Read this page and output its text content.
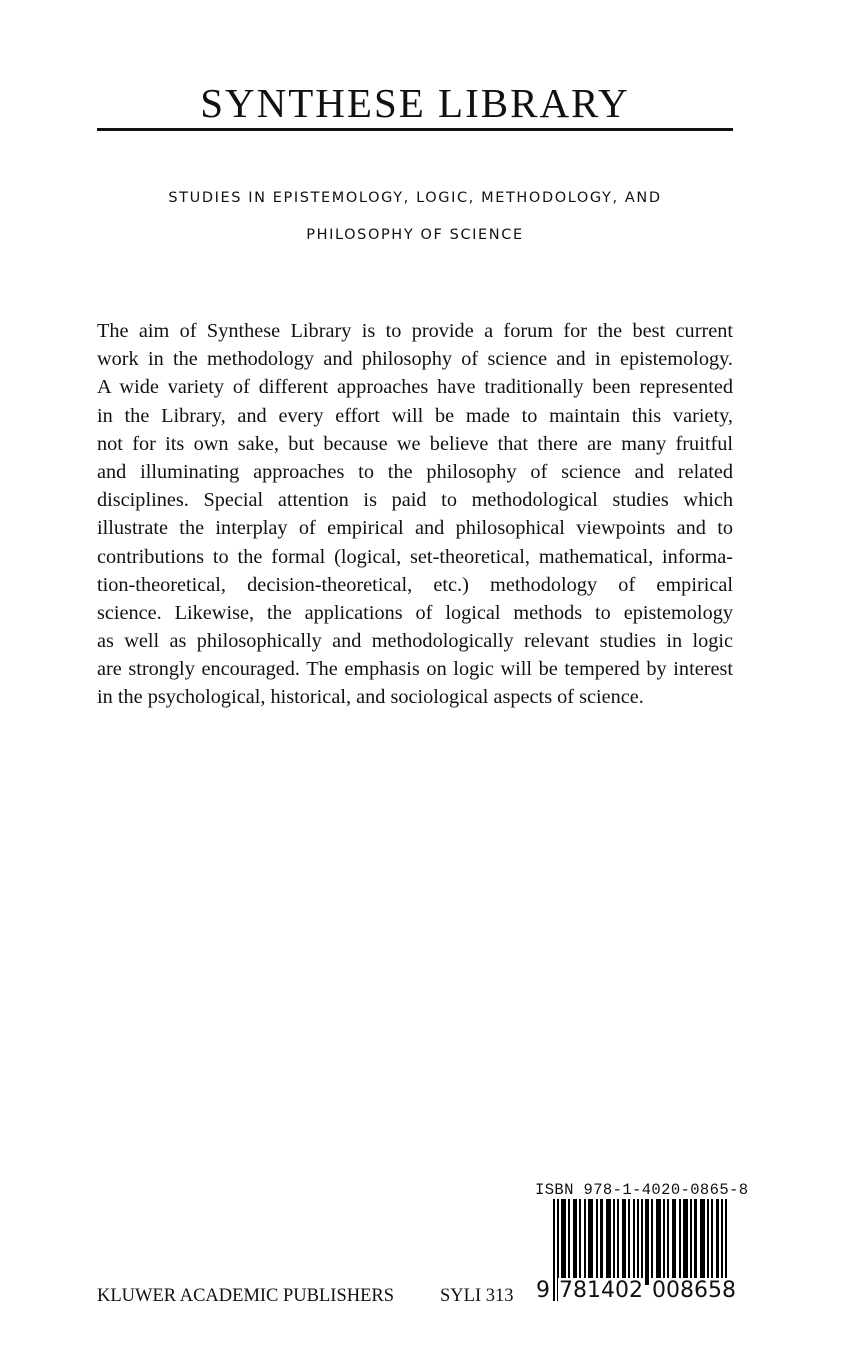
SYNTHESE LIBRARY
STUDIES IN EPISTEMOLOGY, LOGIC, METHODOLOGY, AND
PHILOSOPHY OF SCIENCE
The aim of Synthese Library is to provide a forum for the best current
work in the methodology and philosophy of science and in epistemology.
A wide variety of different approaches have traditionally been represented
in the Library, and every effort will be made to maintain this variety,
not for its own sake, but because we believe that there are many fruitful
and illuminating approaches to the philosophy of science and related
disciplines. Special attention is paid to methodological studies which
illustrate the interplay of empirical and philosophical viewpoints and to
contributions to the formal (logical, set-theoretical, mathematical, informa-
tion-theoretical, decision-theoretical, etc.) methodology of empirical
science. Likewise, the applications of logical methods to epistemology
as well as philosophically and methodologically relevant studies in logic
are strongly encouraged. The emphasis on logic will be tempered by interest
in the psychological, historical, and sociological aspects of science.
ISBN 978-1-4020-0865-8
9 781402 008658
KLUWER ACADEMIC PUBLISHERS SYLI 313
